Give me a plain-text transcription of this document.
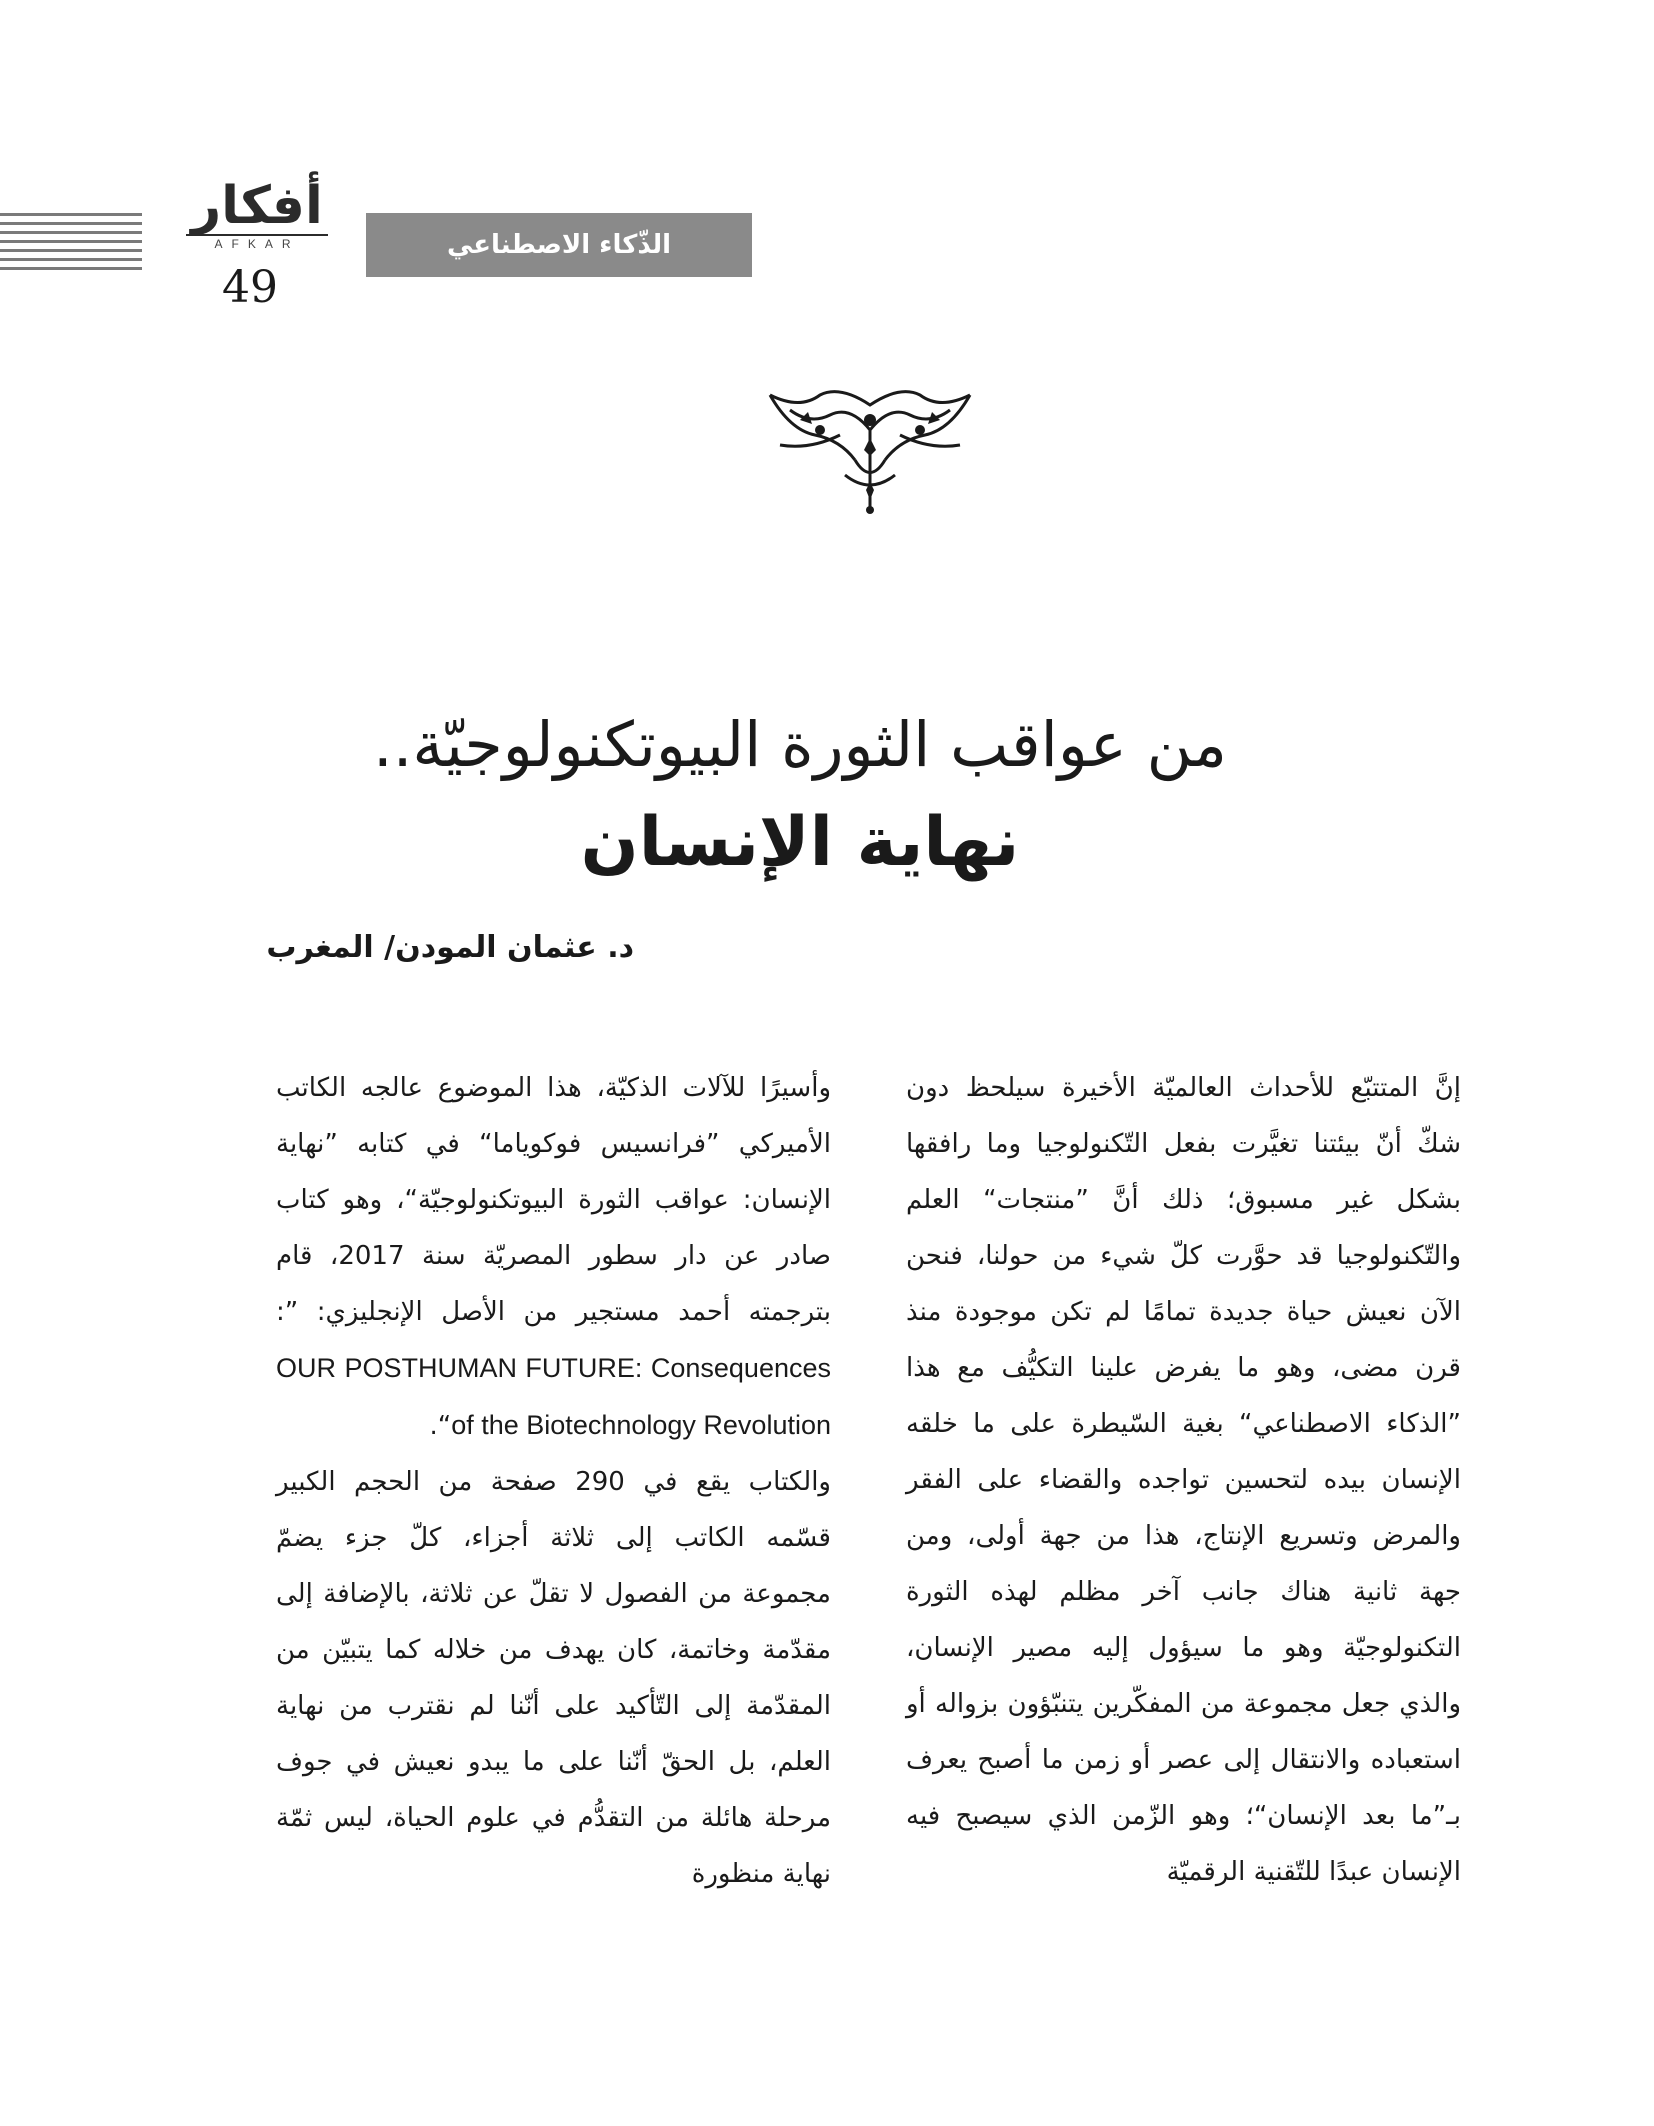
أفكار
AFKAR
49
الذّكاء الاصطناعي
من عواقب الثورة البيوتكنولوجيّة..
نهاية الإنسان
د. عثمان المودن/ المغرب

إنَّ المتتبّع للأحداث العالميّة الأخيرة سيلحظ دون شكّ أنّ بيئتنا تغيَّرت بفعل التّكنولوجيا وما رافقها بشكل غير مسبوق؛ ذلك أنَّ ”منتجات“ العلم والتّكنولوجيا قد حوَّرت كلّ شيء من حولنا، فنحن الآن نعيش حياة جديدة تمامًا لم تكن موجودة منذ قرن مضى، وهو ما يفرض علينا التكيُّف مع هذا ”الذكاء الاصطناعي“ بغية السّيطرة على ما خلقه الإنسان بيده لتحسين تواجده والقضاء على الفقر والمرض وتسريع الإنتاج، هذا من جهة أولى، ومن جهة ثانية هناك جانب آخر مظلم لهذه الثورة التكنولوجيّة وهو ما سيؤول إليه مصير الإنسان، والذي جعل مجموعة من المفكّرين يتنبّؤون بزواله أو استعباده والانتقال إلى عصر أو زمن ما أصبح يعرف بـ”ما بعد الإنسان“؛ وهو الزّمن الذي سيصبح فيه الإنسان عبدًا للتّقنية الرقميّة

وأسيرًا للآلات الذكيّة، هذا الموضوع عالجه الكاتب الأميركي ”فرانسيس فوكوياما“ في كتابه ”نهاية الإنسان: عواقب الثورة البيوتكنولوجيّة“، وهو كتاب صادر عن دار سطور المصريّة سنة 2017، قام بترجمته أحمد مستجير من الأصل الإنجليزي: ”: OUR POSTHUMAN FUTURE: Consequences of the Biotechnology Revolution“.

والكتاب يقع في 290 صفحة من الحجم الكبير قسّمه الكاتب إلى ثلاثة أجزاء، كلّ جزء يضمّ مجموعة من الفصول لا تقلّ عن ثلاثة، بالإضافة إلى مقدّمة وخاتمة، كان يهدف من خلاله كما يتبيّن من المقدّمة إلى التّأكيد على أنّنا لم نقترب من نهاية العلم، بل الحقّ أنّنا على ما يبدو نعيش في جوف مرحلة هائلة من التقدُّم في علوم الحياة، ليس ثمّة نهاية منظورة
